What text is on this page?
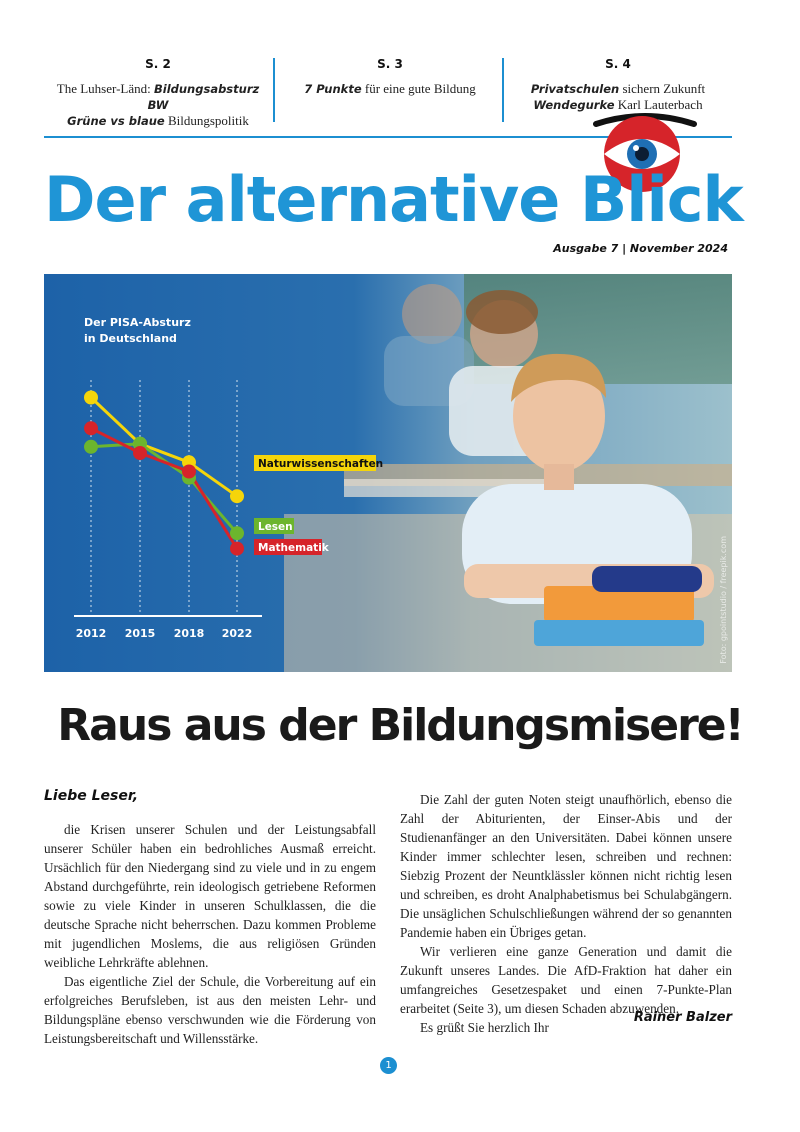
S. 2
The Luhser-Länd: Bildungsabsturz BW
Grüne vs blaue Bildungspolitik
S. 3
7 Punkte für eine gute Bildung
S. 4
Privatschulen sichern Zukunft
Wendegurke Karl Lauterbach
Der alternative Blick
Ausgabe 7 | November 2024
Der PISA-Absturz
in Deutschland
Naturwissenschaften
Lesen
Mathematik
2012 2015 2018 2022	Foto: gpointstudio / freepik.com
Raus aus der Bildungsmisere!
Liebe Leser,

die Krisen unserer Schulen und der Leistungsabfall unserer Schüler haben ein bedrohliches Ausmaß erreicht. Ursächlich für den Niedergang sind zu viele und in zu engem Abstand durchgeführte, rein ideologisch getriebene Reformen sowie zu viele Kinder in unseren Schulklassen, die die deutsche Sprache nicht beherrschen. Dazu kommen Probleme mit jugendlichen Moslems, die aus religiösen Gründen weibliche Lehrkräfte ablehnen.

Das eigentliche Ziel der Schule, die Vorbereitung auf ein erfolgreiches Berufsleben, ist aus den meisten Lehr- und Bildungspläne ebenso verschwunden wie die Förderung von Leistungsbereitschaft und Willensstärke.

Die Zahl der guten Noten steigt unaufhörlich, ebenso die Zahl der Abiturienten, der Einser-Abis und der Studienanfänger an den Universitäten. Dabei können unsere Kinder immer schlechter lesen, schreiben und rechnen: Siebzig Prozent der Neuntklässler können nicht richtig lesen und schreiben, es droht Analphabetismus bei Schulabgängern. Die unsäglichen Schulschließungen während der so genannten Pandemie haben ein Übriges getan.

Wir verlieren eine ganze Generation und damit die Zukunft unseres Landes. Die AfD-Fraktion hat daher ein umfangreiches Gesetzespaket und einen 7-Punkte-Plan erarbeitet (Seite 3), um diesen Schaden abzuwenden.

Es grüßt Sie herzlich Ihr

Rainer Balzer
1
